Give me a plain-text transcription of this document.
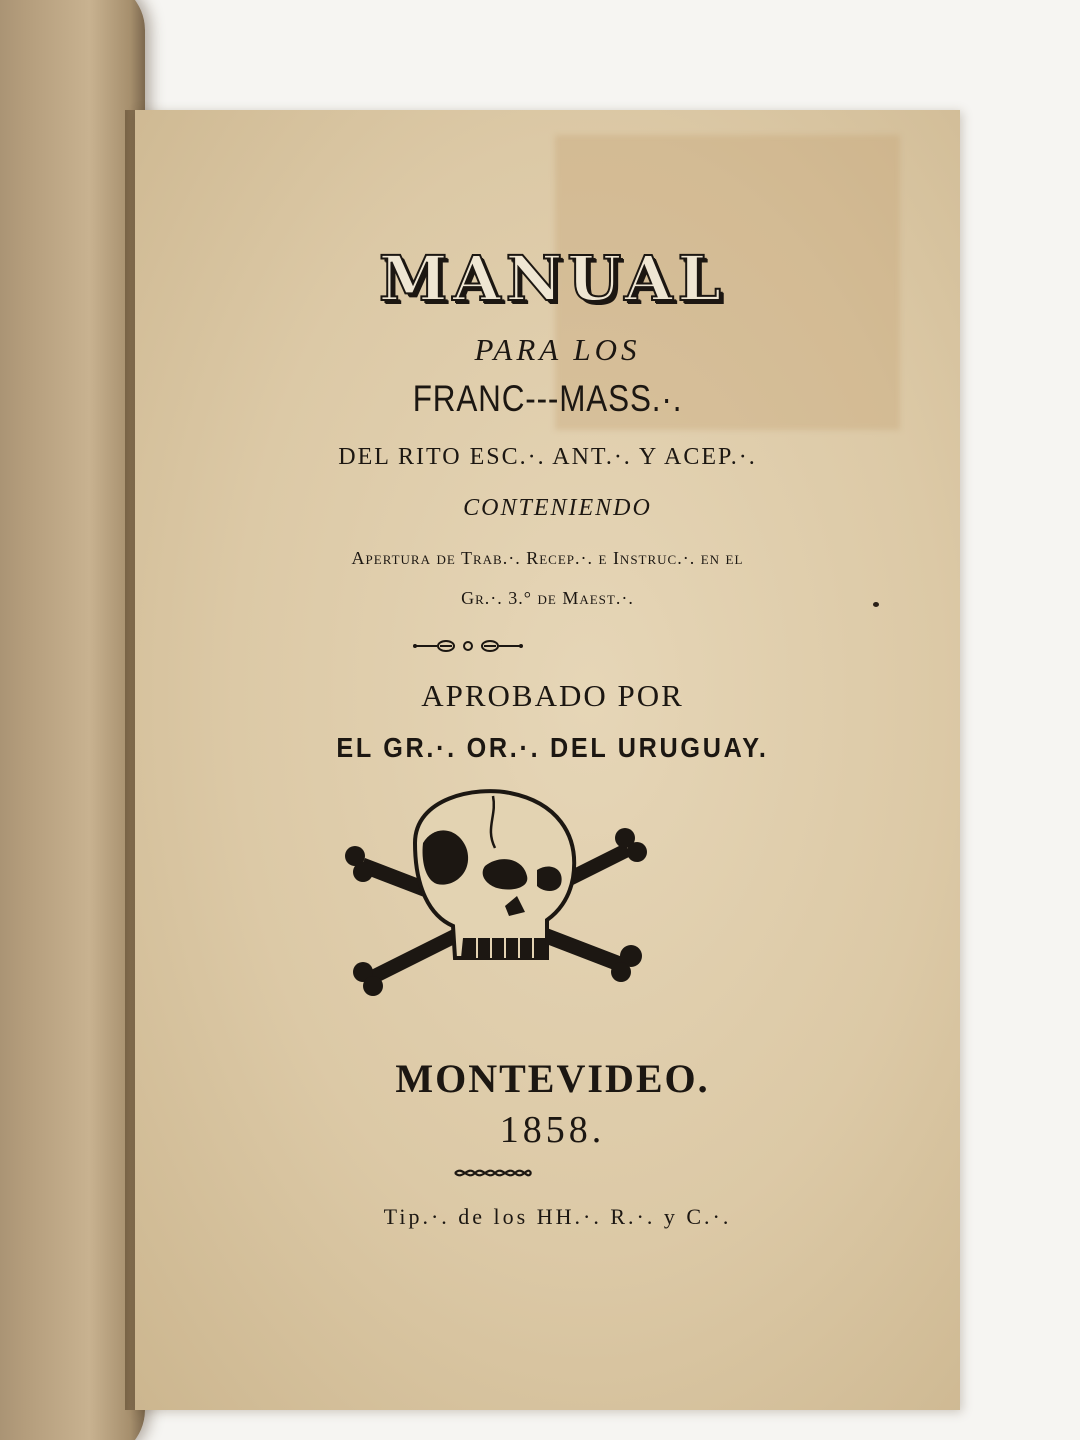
MANUAL
PARA LOS
FRANC---MASS.·.
DEL RITO ESC.·. ANT.·. Y ACEP.·.
CONTENIENDO
Apertura de Trab.·. Recep.·. e Instruc.·. en el
Gr.·. 3.° de Maest.·.
APROBADO POR
EL GR.·. OR.·. DEL URUGUAY.
MONTEVIDEO.
1858.
Tip.·. de los HH.·. R.·. y C.·.
